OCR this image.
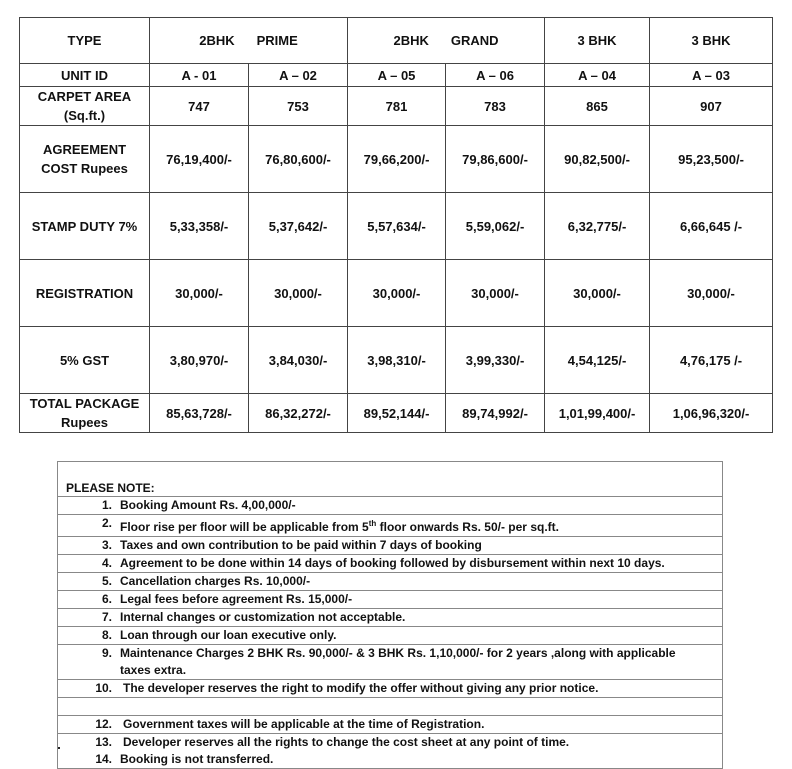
TYPE	2BHK PRIME		2BHK GRAND		3 BHK	3 BHK
UNIT ID	A - 01	A – 02	A – 05	A – 06	A – 04	A – 03

CARPET AREA
(Sq.ft.)	747	753	781	783	865	907

AGREEMENT
COST Rupees	76,19,400/-	76,80,600/-	79,66,200/-	79,86,600/-	90,82,500/-	95,23,500/-
STAMP DUTY 7%	5,33,358/-	5,37,642/-	5,57,634/-	5,59,062/-	6,32,775/-	6,66,645 /-
REGISTRATION	30,000/-	30,000/-	30,000/-	30,000/-	30,000/-	30,000/-
5% GST	3,80,970/-	3,84,030/-	3,98,310/-	3,99,330/-	4,54,125/-	4,76,175 /-

TOTAL PACKAGE
Rupees	85,63,728/-	86,32,272/-	89,52,144/-	89,74,992/-	1,01,99,400/-	1,06,96,320/-
PLEASE NOTE:
1. Booking Amount Rs. 4,00,000/-
2. Floor rise per floor will be applicable from 5th floor onwards Rs. 50/- per sq.ft.
3. Taxes and own contribution to be paid within 7 days of booking
4. Agreement to be done within 14 days of booking followed by disbursement within next 10 days.
5. Cancellation charges Rs. 10,000/-
6. Legal fees before agreement Rs. 15,000/-
7. Internal changes or customization not acceptable.
8. Loan through our loan executive only.
9. Maintenance Charges 2 BHK Rs. 90,000/- & 3 BHK Rs. 1,10,000/- for 2 years ,along with applicable
taxes extra.
10. The developer reserves the right to modify the offer without giving any prior notice.
12. Government taxes will be applicable at the time of Registration.
13. Developer reserves all the rights to change the cost sheet at any point of time.
14. Booking is not transferred.
